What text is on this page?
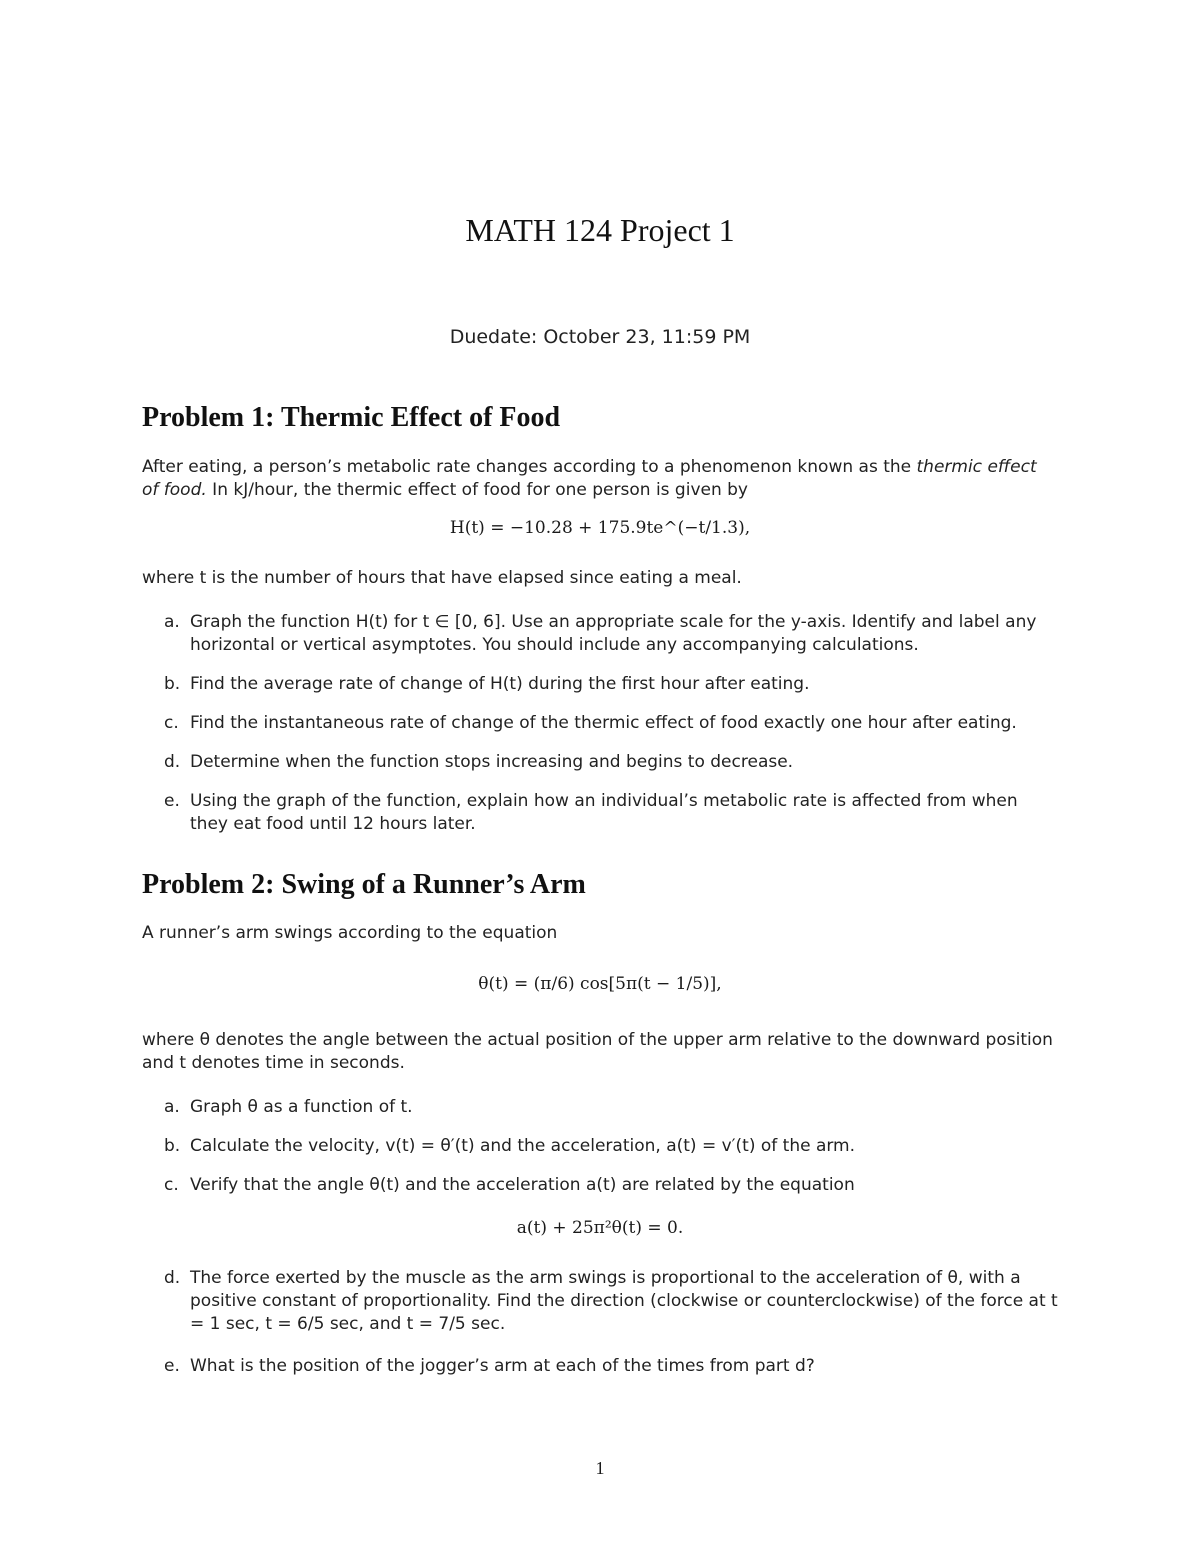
MATH 124 Project 1
Duedate: October 23, 11:59 PM
Problem 1: Thermic Effect of Food

After eating, a person’s metabolic rate changes according to a phenomenon known as the thermic effect of food. In kJ/hour, the thermic effect of food for one person is given by

H(t) = −10.28 + 175.9te^(−t/1.3),

where t is the number of hours that have elapsed since eating a meal.

a. Graph the function H(t) for t ∈ [0, 6]. Use an appropriate scale for the y-axis. Identify and label any horizontal or vertical asymptotes. You should include any accompanying calculations.
b. Find the average rate of change of H(t) during the first hour after eating.
c. Find the instantaneous rate of change of the thermic effect of food exactly one hour after eating.
d. Determine when the function stops increasing and begins to decrease.
e. Using the graph of the function, explain how an individual’s metabolic rate is affected from when they eat food until 12 hours later.
Problem 2: Swing of a Runner’s Arm

A runner’s arm swings according to the equation

θ(t) = (π/6) cos[5π(t − 1/5)],

where θ denotes the angle between the actual position of the upper arm relative to the downward position and t denotes time in seconds.

a. Graph θ as a function of t.
b. Calculate the velocity, v(t) = θ′(t) and the acceleration, a(t) = v′(t) of the arm.
c. Verify that the angle θ(t) and the acceleration a(t) are related by the equation
a(t) + 25π²θ(t) = 0.
d. The force exerted by the muscle as the arm swings is proportional to the acceleration of θ, with a positive constant of proportionality. Find the direction (clockwise or counterclockwise) of the force at t = 1 sec, t = 6/5 sec, and t = 7/5 sec.
e. What is the position of the jogger’s arm at each of the times from part d?
1
